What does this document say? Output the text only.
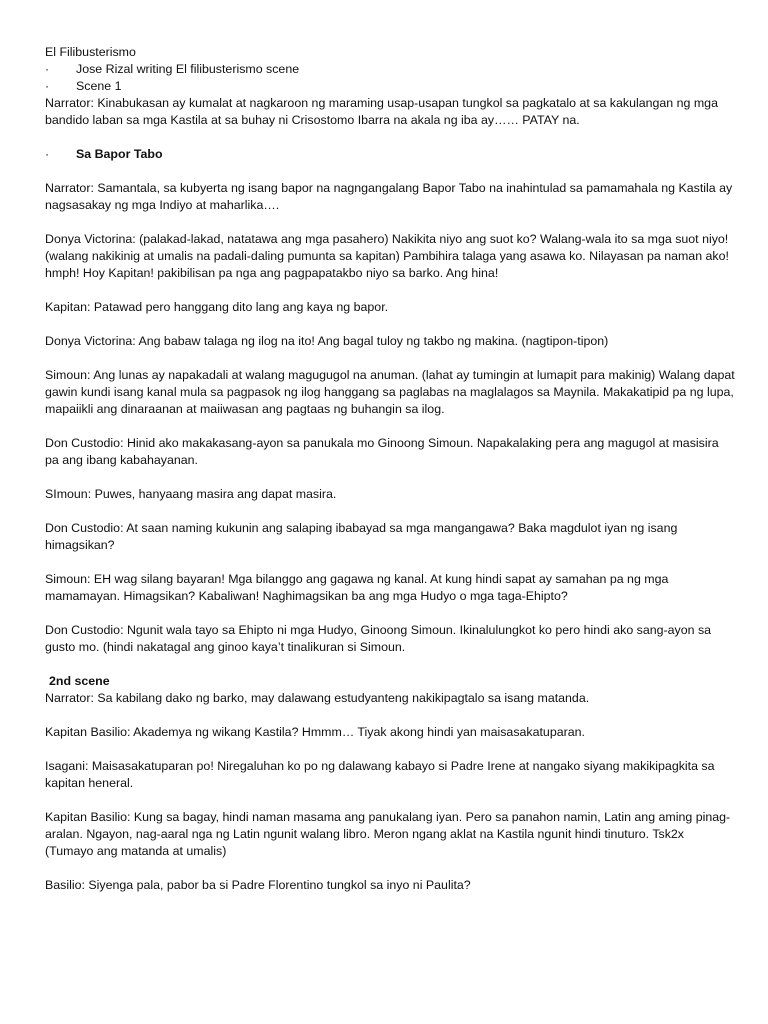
El Filibusterismo
· Jose Rizal writing El filibusterismo scene
· Scene 1
Narrator: Kinabukasan ay kumalat at nagkaroon ng maraming usap-usapan tungkol sa pagkatalo at sa kakulangan ng mga bandido laban sa mga Kastila at sa buhay ni Crisostomo Ibarra na akala ng iba ay…… PATAY na.
· Sa Bapor Tabo
Narrator: Samantala, sa kubyerta ng isang bapor na nagngangalang Bapor Tabo na inahintulad sa pamamahala ng Kastila ay nagsasakay ng mga Indiyo at maharlika….
Donya Victorina: (palakad-lakad, natatawa ang mga pasahero) Nakikita niyo ang suot ko? Walang-wala ito sa mga suot niyo! (walang nakikinig at umalis na padali-daling pumunta sa kapitan) Pambihira talaga yang asawa ko. Nilayasan pa naman ako! hmph! Hoy Kapitan! pakibilisan pa nga ang pagpapatakbo niyo sa barko. Ang hina!
Kapitan: Patawad pero hanggang dito lang ang kaya ng bapor.
Donya Victorina: Ang babaw talaga ng ilog na ito! Ang bagal tuloy ng takbo ng makina. (nagtipon-tipon)
Simoun: Ang lunas ay napakadali at walang magugugol na anuman. (lahat ay tumingin at lumapit para makinig) Walang dapat gawin kundi isang kanal mula sa pagpasok ng ilog hanggang sa paglabas na maglalagos sa Maynila. Makakatipid pa ng lupa, mapaiikli ang dinaraanan at maiiwasan ang pagtaas ng buhangin sa ilog.
Don Custodio: Hinid ako makakasang-ayon sa panukala mo Ginoong Simoun. Napakalaking pera ang magugol at masisira pa ang ibang kabahayanan.
SImoun: Puwes, hanyaang masira ang dapat masira.
Don Custodio: At saan naming kukunin ang salaping ibabayad sa mga mangangawa? Baka magdulot iyan ng isang himagsikan?
Simoun: EH wag silang bayaran! Mga bilanggo ang gagawa ng kanal. At kung hindi sapat ay samahan pa ng mga mamamayan. Himagsikan? Kabaliwan! Naghimagsikan ba ang mga Hudyo o mga taga-Ehipto?
Don Custodio: Ngunit wala tayo sa Ehipto ni mga Hudyo, Ginoong Simoun. Ikinalulungkot ko pero hindi ako sang-ayon sa gusto mo. (hindi nakatagal ang ginoo kaya’t tinalikuran si Simoun.
2nd scene
Narrator: Sa kabilang dako ng barko, may dalawang estudyanteng nakikipagtalo sa isang matanda.
Kapitan Basilio: Akademya ng wikang Kastila? Hmmm… Tiyak akong hindi yan maisasakatuparan.
Isagani: Maisasakatuparan po! Niregaluhan ko po ng dalawang kabayo si Padre Irene at nangako siyang makikipagkita sa kapitan heneral.
Kapitan Basilio: Kung sa bagay, hindi naman masama ang panukalang iyan. Pero sa panahon namin, Latin ang aming pinag-aralan. Ngayon, nag-aaral nga ng Latin ngunit walang libro. Meron ngang aklat na Kastila ngunit hindi tinuturo. Tsk2x (Tumayo ang matanda at umalis)
Basilio: Siyenga pala, pabor ba si Padre Florentino tungkol sa inyo ni Paulita?
